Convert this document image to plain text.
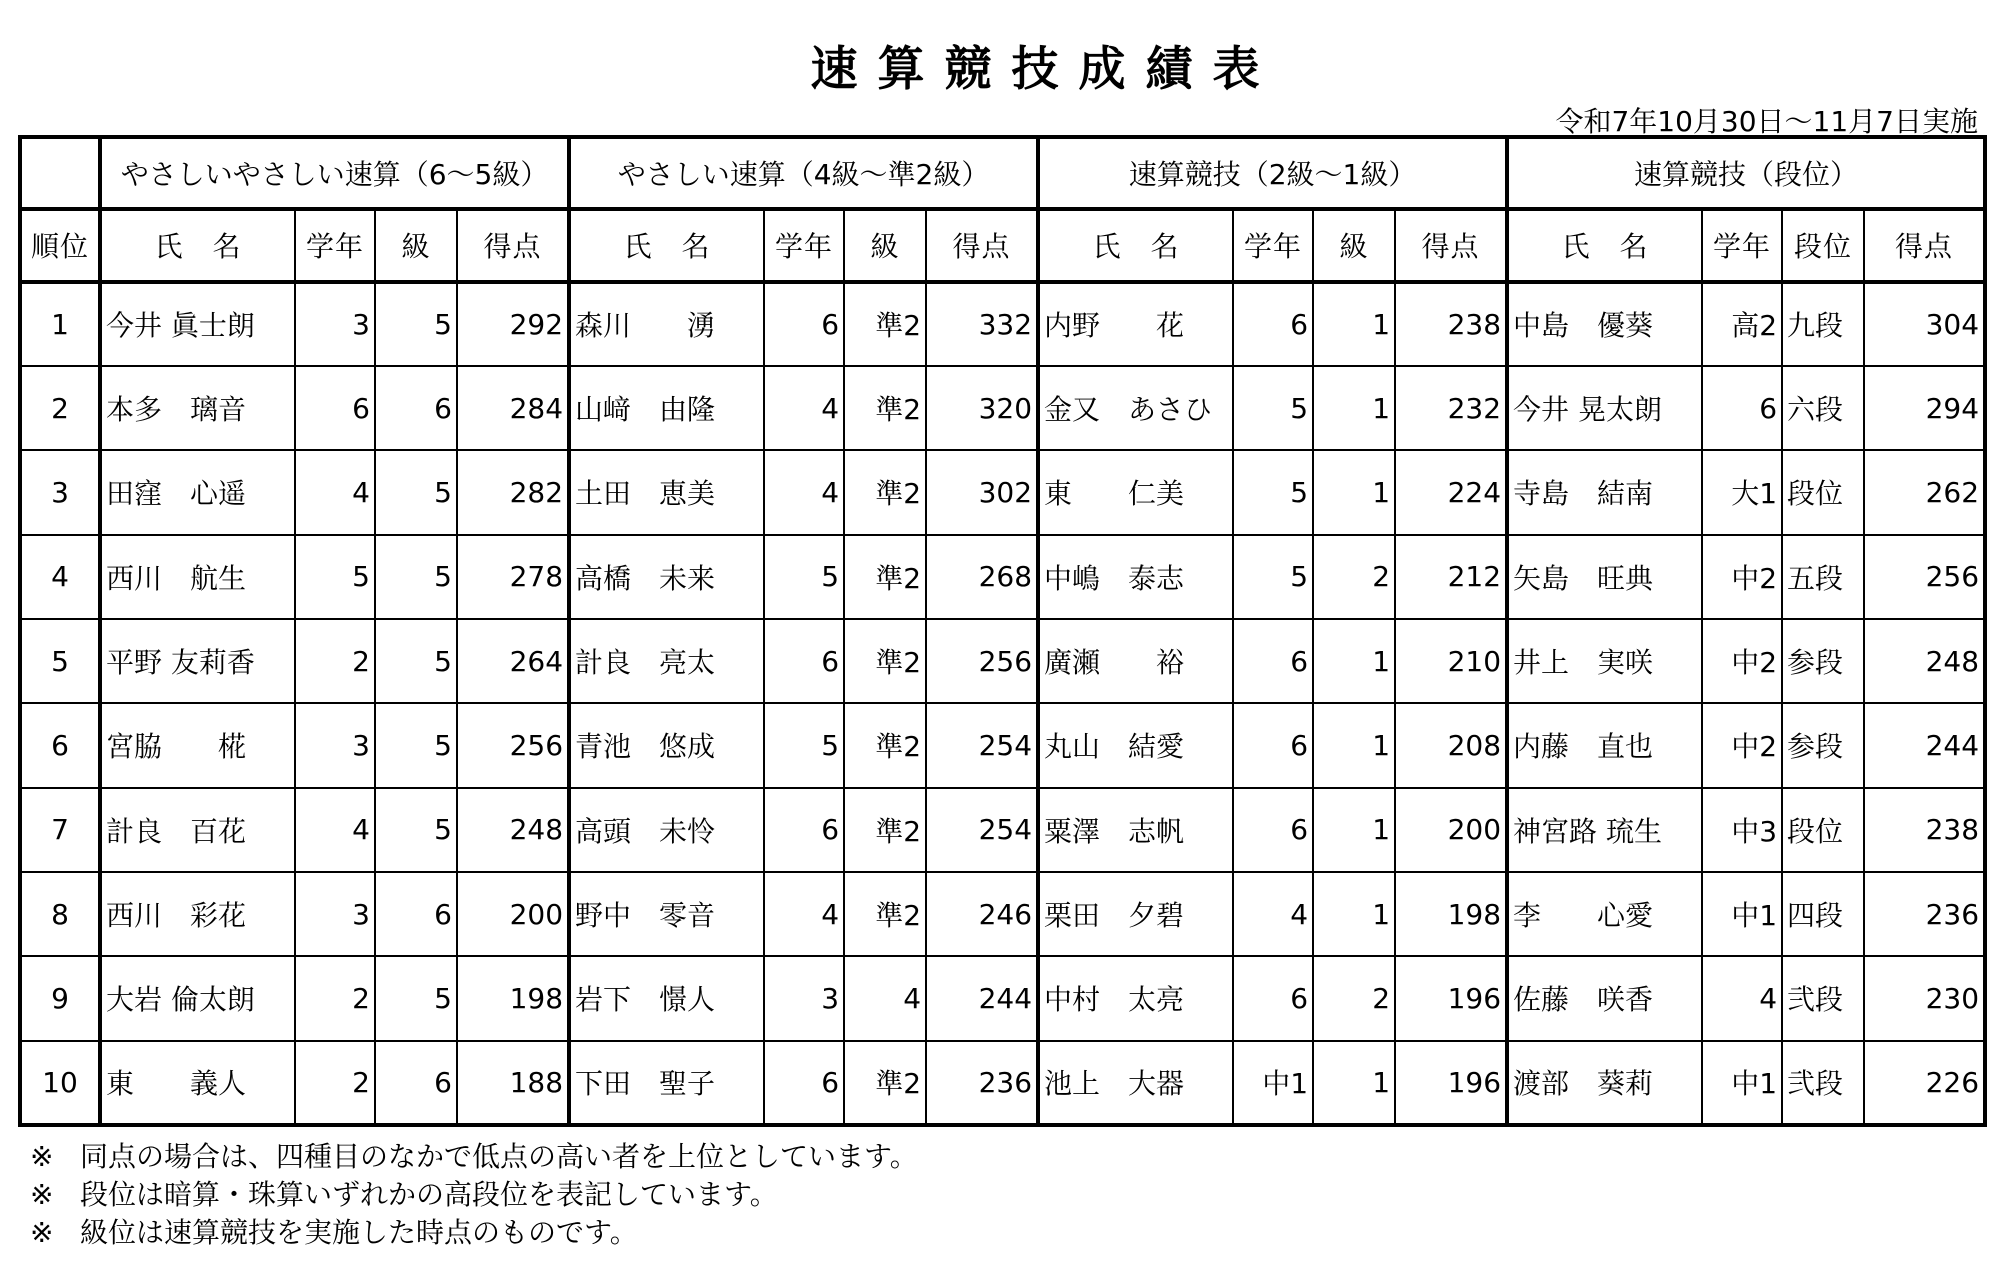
速算競技成績表
令和7年10月30日～11月7日実施
	やさしいやさしい速算（6～5級）				やさしい速算（4級～準2級）				速算競技（2級～1級）				速算競技（段位）			
順位	氏　名	学年	級	得点	氏　名	学年	級	得点	氏　名	学年	級	得点	氏　名	学年	段位	得点
1	今井 眞士朗	3	5	292	森川　　湧	6	準2	332	内野　　花	6	1	238	中島　優葵	高2	九段	304
2	本多　璃音	6	6	284	山﨑　由隆	4	準2	320	金又　あさひ	5	1	232	今井 晃太朗	6	六段	294
3	田窪　心遥	4	5	282	土田　恵美	4	準2	302	東　　仁美	5	1	224	寺島　結南	大1	段位	262
4	西川　航生	5	5	278	高橋　未来	5	準2	268	中嶋　泰志	5	2	212	矢島　旺典	中2	五段	256
5	平野 友莉香	2	5	264	計良　亮太	6	準2	256	廣瀬　　裕	6	1	210	井上　実咲	中2	参段	248
6	宮脇　　椛	3	5	256	青池　悠成	5	準2	254	丸山　結愛	6	1	208	内藤　直也	中2	参段	244
7	計良　百花	4	5	248	高頭　未怜	6	準2	254	粟澤　志帆	6	1	200	神宮路 琉生	中3	段位	238
8	西川　彩花	3	6	200	野中　零音	4	準2	246	栗田　夕碧	4	1	198	李　　心愛	中1	四段	236
9	大岩 倫太朗	2	5	198	岩下　憬人	3	4	244	中村　太亮	6	2	196	佐藤　咲香	4	弐段	230
10	東　　義人	2	6	188	下田　聖子	6	準2	236	池上　大器	中1	1	196	渡部　葵莉	中1	弐段	226
※ 同点の場合は、四種目のなかで低点の高い者を上位としています。
※ 段位は暗算・珠算いずれかの高段位を表記しています。
※ 級位は速算競技を実施した時点のものです。
